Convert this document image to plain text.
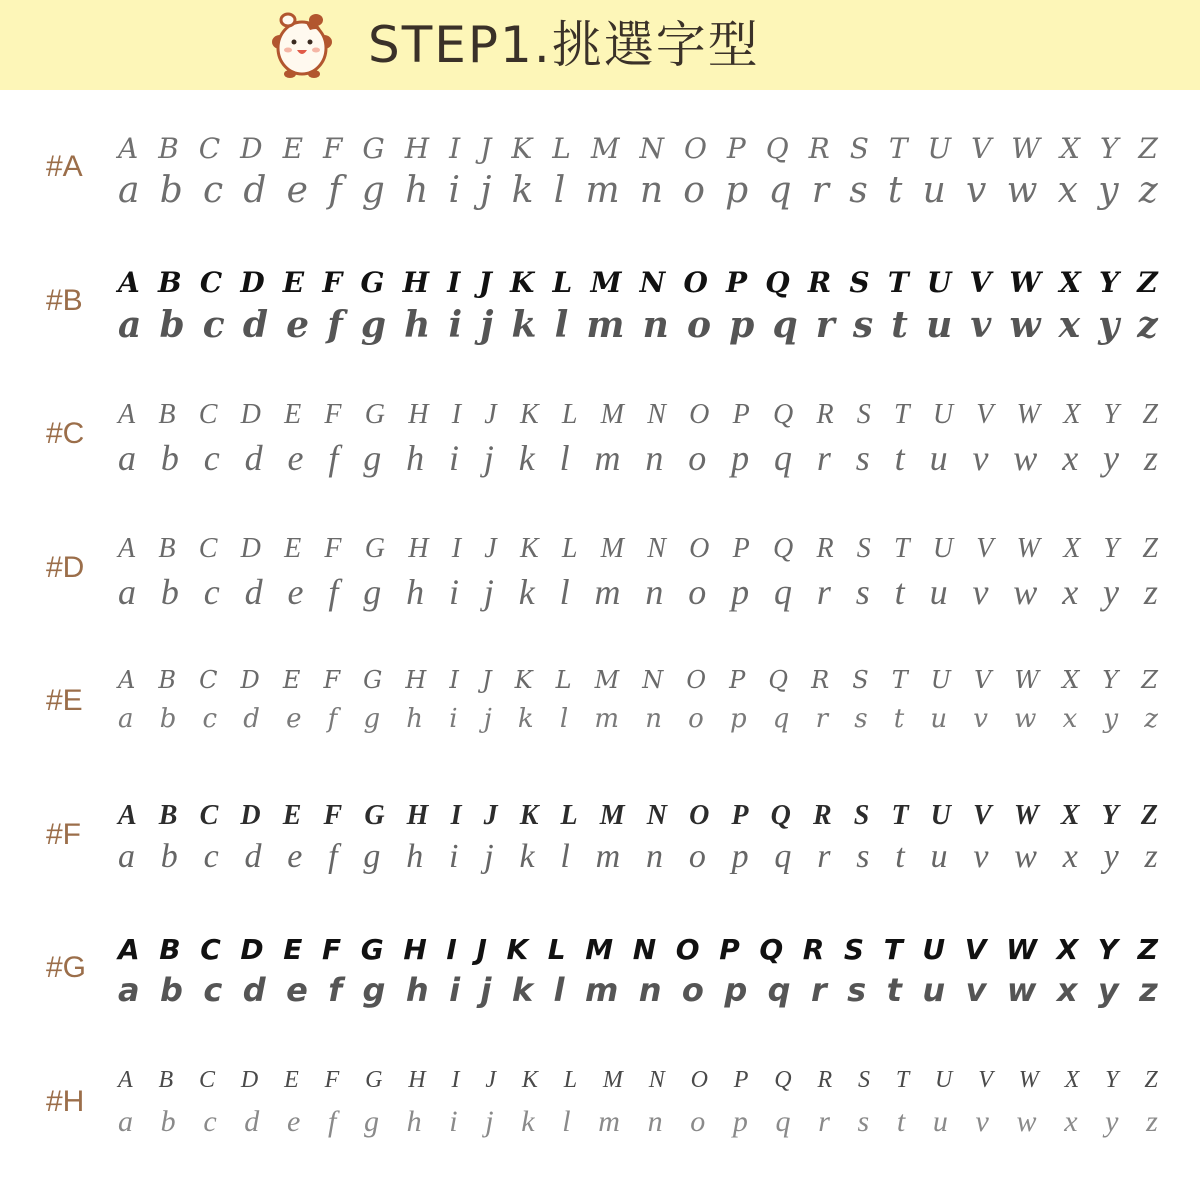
STEP1.挑選字型
#A
A B C D E F G H I J K L M N O P Q R S T U V W X Y Z
a b c d e f g h i j k l m n o p q r s t u v w x y z
#B
A B C D E F G H I J K L M N O P Q R S T U V W X Y Z
a b c d e f g h i j k l m n o p q r s t u v w x y z
#C
A B C D E F G H I J K L M N O P Q R S T U V W X Y Z
a b c d e f g h i j k l m n o p q r s t u v w x y z
#D
A B C D E F G H I J K L M N O P Q R S T U V W X Y Z
a b c d e f g h i j k l m n o p q r s t u v w x y z
#E
A B C D E F G H I J K L M N O P Q R S T U V W X Y Z
a b c d e f g h i j k l m n o p q r s t u v w x y z
#F
A B C D E F G H I J K L M N O P Q R S T U V W X Y Z
a b c d e f g h i j k l m n o p q r s t u v w x y z
#G
A B C D E F G H I J K L M N O P Q R S T U V W X Y Z
a b c d e f g h i j k l m n o p q r s t u v w x y z
#H
A B C D E F G H I J K L M N O P Q R S T U V W X Y Z
a b c d e f g h i j k l m n o p q r s t u v w x y z
